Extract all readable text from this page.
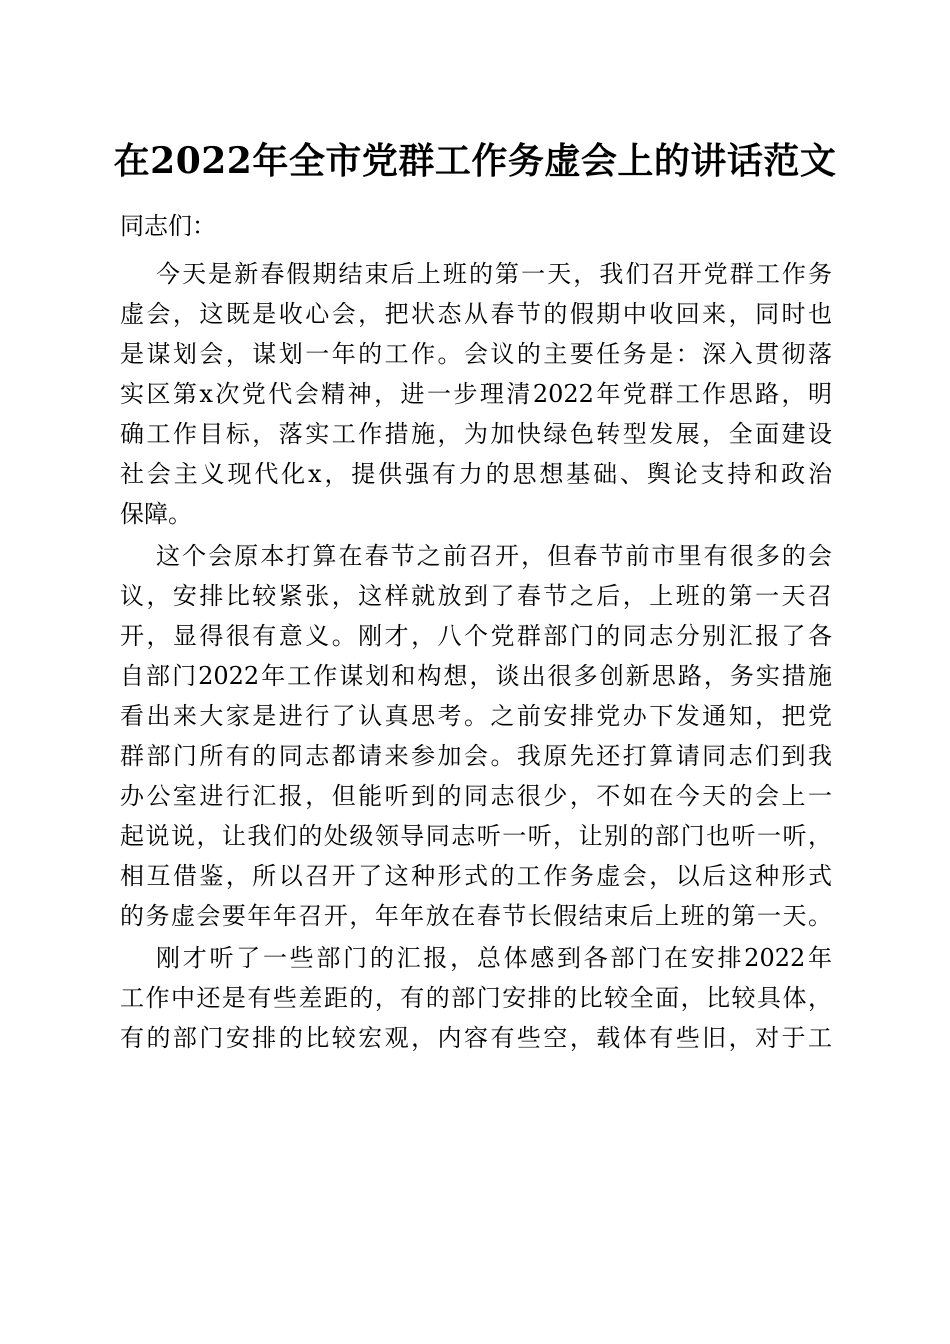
在2022年全市党群工作务虚会上的讲话范文
同志们：
今天是新春假期结束后上班的第一天，我们召开党群工作务
虚会，这既是收心会，把状态从春节的假期中收回来，同时也
是谋划会，谋划一年的工作。会议的主要任务是：深入贯彻落
实区第x次党代会精神，进一步理清2022年党群工作思路，明
确工作目标，落实工作措施，为加快绿色转型发展，全面建设
社会主义现代化x，提供强有力的思想基础、舆论支持和政治
保障。
这个会原本打算在春节之前召开，但春节前市里有很多的会
议，安排比较紧张，这样就放到了春节之后，上班的第一天召
开，显得很有意义。刚才，八个党群部门的同志分别汇报了各
自部门2022年工作谋划和构想，谈出很多创新思路，务实措施
看出来大家是进行了认真思考。之前安排党办下发通知，把党
群部门所有的同志都请来参加会。我原先还打算请同志们到我
办公室进行汇报，但能听到的同志很少，不如在今天的会上一
起说说，让我们的处级领导同志听一听，让别的部门也听一听，
相互借鉴，所以召开了这种形式的工作务虚会，以后这种形式
的务虚会要年年召开，年年放在春节长假结束后上班的第一天。
刚才听了一些部门的汇报，总体感到各部门在安排2022年
工作中还是有些差距的，有的部门安排的比较全面，比较具体，
有的部门安排的比较宏观，内容有些空，载体有些旧，对于工
